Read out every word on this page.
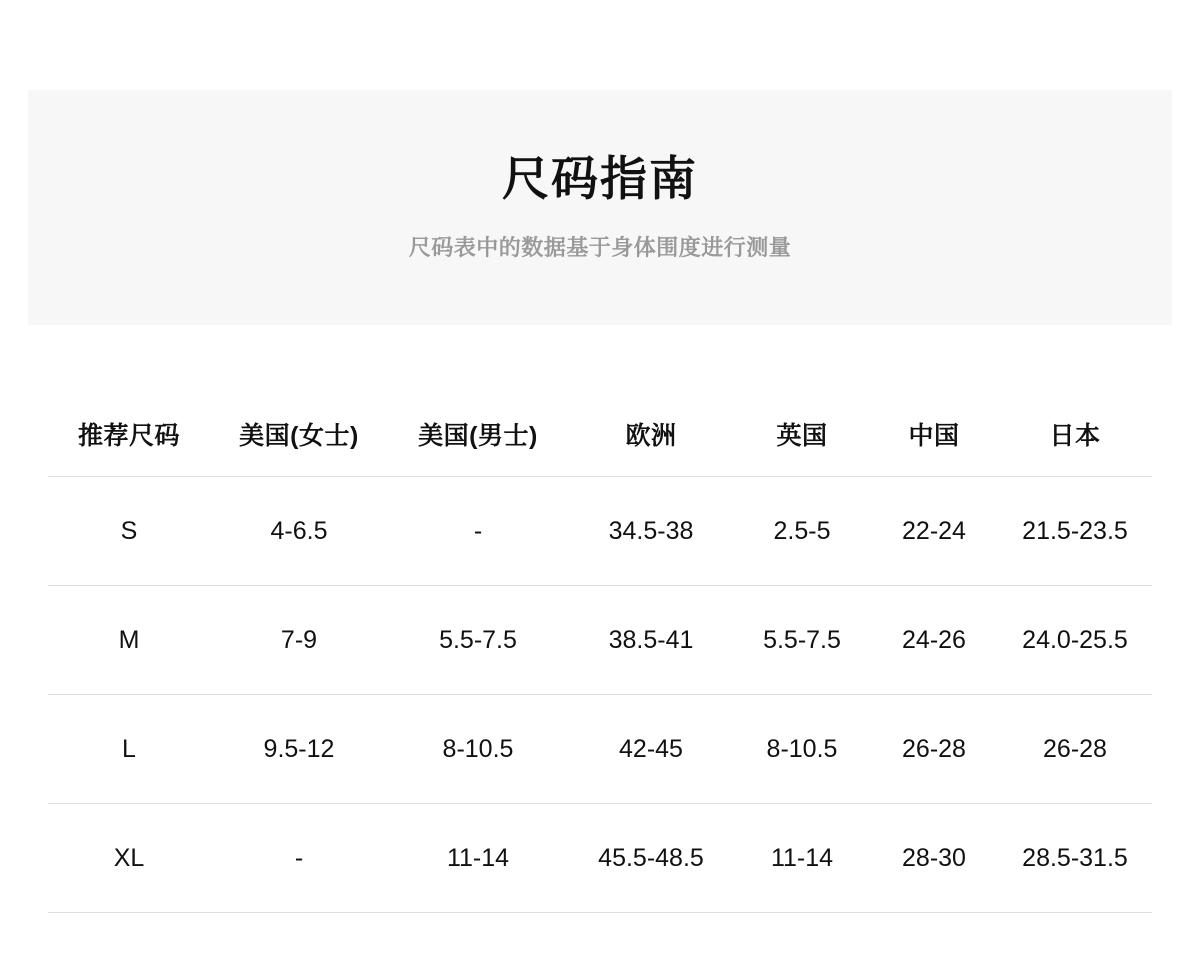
尺码指南

尺码表中的数据基于身体围度进行测量

推荐尺码	美国(女士)	美国(男士)	欧洲	英国	中国	日本
S	4-6.5	-	34.5-38	2.5-5	22-24	21.5-23.5
M	7-9	5.5-7.5	38.5-41	5.5-7.5	24-26	24.0-25.5
L	9.5-12	8-10.5	42-45	8-10.5	26-28	26-28
XL	-	11-14	45.5-48.5	11-14	28-30	28.5-31.5
